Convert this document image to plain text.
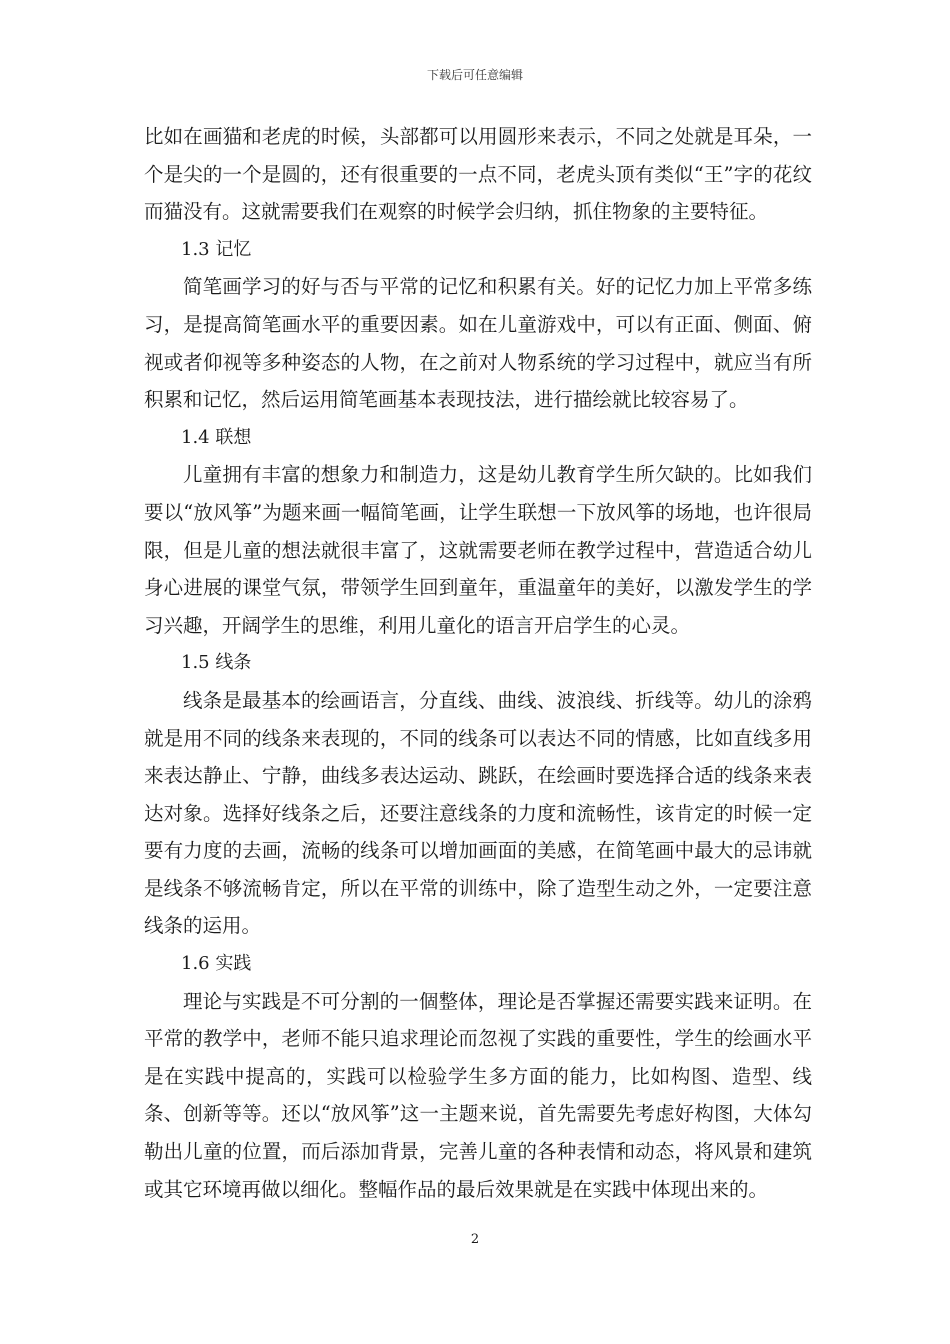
下载后可任意编辑

比如在画猫和老虎的时候，头部都可以用圆形来表示，不同之处就是耳朵，一个是尖的一个是圆的，还有很重要的一点不同，老虎头顶有类似“王”字的花纹而猫没有。这就需要我们在观察的时候学会归纳，抓住物象的主要特征。

1.3 记忆

简笔画学习的好与否与平常的记忆和积累有关。好的记忆力加上平常多练习，是提高简笔画水平的重要因素。如在儿童游戏中，可以有正面、侧面、俯视或者仰视等多种姿态的人物，在之前对人物系统的学习过程中，就应当有所积累和记忆，然后运用简笔画基本表现技法，进行描绘就比较容易了。

1.4 联想

儿童拥有丰富的想象力和制造力，这是幼儿教育学生所欠缺的。比如我们要以“放风筝”为题来画一幅简笔画，让学生联想一下放风筝的场地，也许很局限，但是儿童的想法就很丰富了，这就需要老师在教学过程中，营造适合幼儿身心进展的课堂气氛，带领学生回到童年，重温童年的美好，以激发学生的学习兴趣，开阔学生的思维，利用儿童化的语言开启学生的心灵。

1.5 线条

线条是最基本的绘画语言，分直线、曲线、波浪线、折线等。幼儿的涂鸦就是用不同的线条来表现的，不同的线条可以表达不同的情感，比如直线多用来表达静止、宁静，曲线多表达运动、跳跃，在绘画时要选择合适的线条来表达对象。选择好线条之后，还要注意线条的力度和流畅性，该肯定的时候一定要有力度的去画，流畅的线条可以增加画面的美感，在简笔画中最大的忌讳就是线条不够流畅肯定，所以在平常的训练中，除了造型生动之外，一定要注意线条的运用。

1.6 实践

理论与实践是不可分割的一個整体，理论是否掌握还需要实践来证明。在平常的教学中，老师不能只追求理论而忽视了实践的重要性，学生的绘画水平是在实践中提高的，实践可以检验学生多方面的能力，比如构图、造型、线条、创新等等。还以“放风筝”这一主题来说，首先需要先考虑好构图，大体勾勒出儿童的位置，而后添加背景，完善儿童的各种表情和动态，将风景和建筑或其它环境再做以细化。整幅作品的最后效果就是在实践中体现出来的。

2
